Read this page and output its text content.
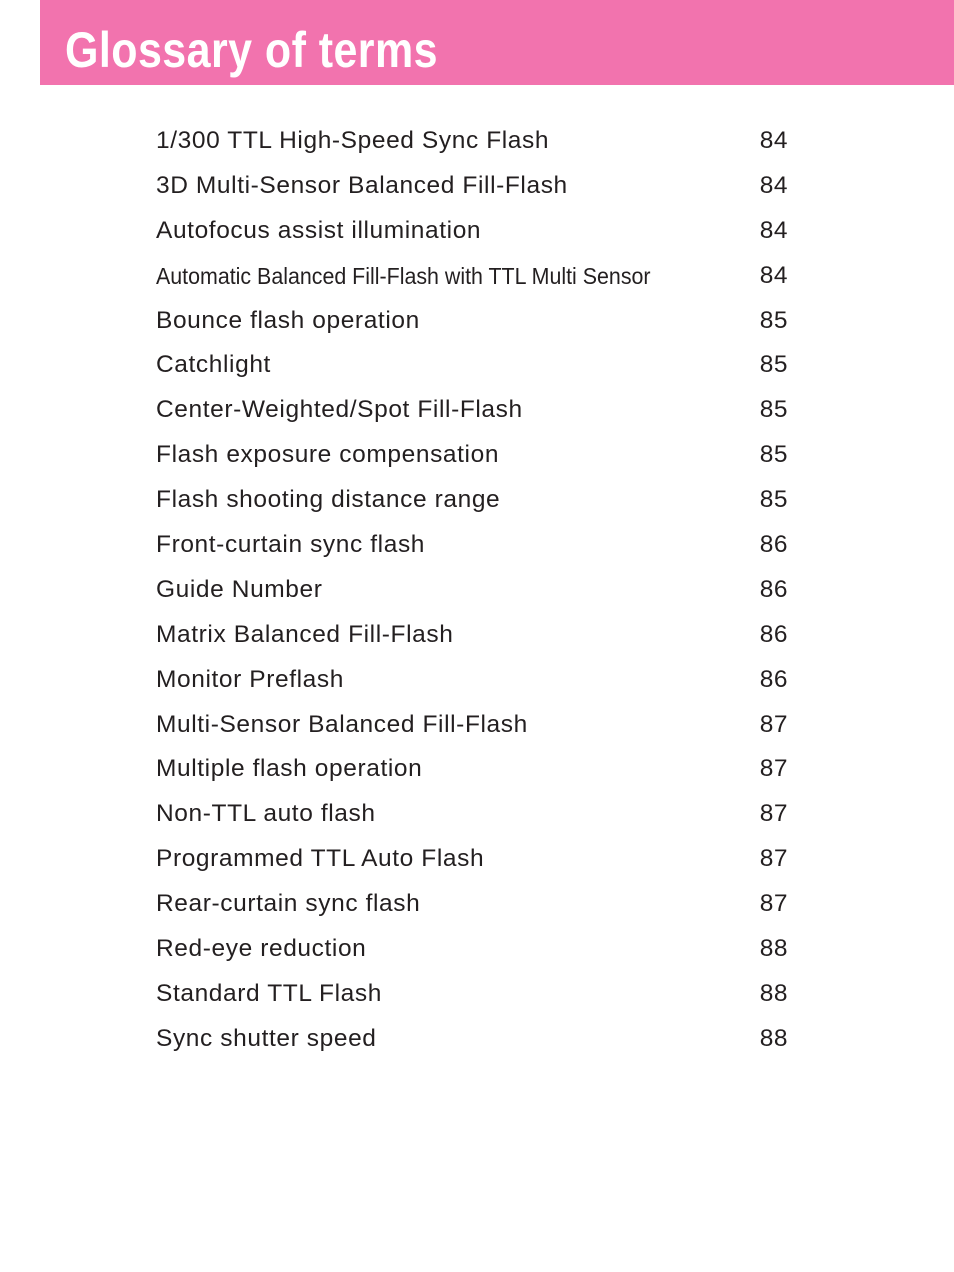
Glossary of terms
1/300 TTL High-Speed Sync Flash	84
3D Multi-Sensor Balanced Fill-Flash	84
Autofocus assist illumination	84
Automatic Balanced Fill-Flash with TTL Multi Sensor	84
Bounce flash operation	85
Catchlight	85
Center-Weighted/Spot Fill-Flash	85
Flash exposure compensation	85
Flash shooting distance range	85
Front-curtain sync flash	86
Guide Number	86
Matrix Balanced Fill-Flash	86
Monitor Preflash	86
Multi-Sensor Balanced Fill-Flash	87
Multiple flash operation	87
Non-TTL auto flash	87
Programmed TTL Auto Flash	87
Rear-curtain sync flash	87
Red-eye reduction	88
Standard TTL Flash	88
Sync shutter speed	88
